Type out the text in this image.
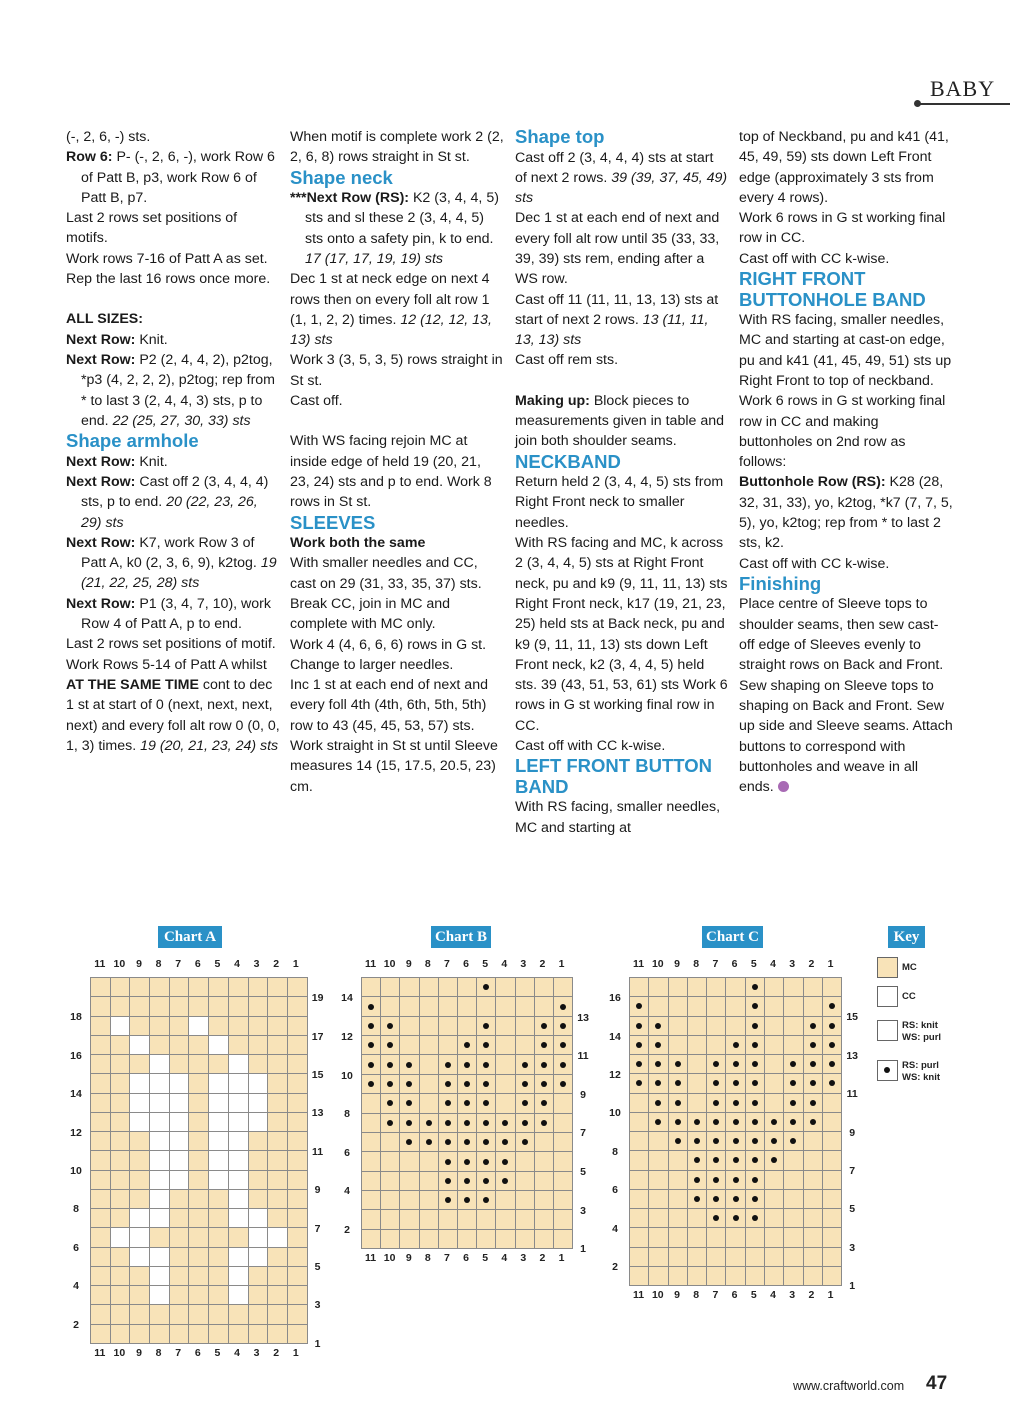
BABY

(-, 2, 6, -) sts.

Row 6: P- (-, 2, 6, -), work Row 6 of Patt B, p3, work Row 6 of Patt B, p7.

Last 2 rows set positions of motifs.

Work rows 7-16 of Patt A as set.

Rep the last 16 rows once more.

ALL SIZES:

Next Row: Knit.

Next Row: P2 (2, 4, 4, 2), p2tog, *p3 (4, 2, 2, 2), p2tog; rep from * to last 3 (2, 4, 4, 3) sts, p to end. 22 (25, 27, 30, 33) sts

Shape armhole

Next Row: Knit.

Next Row: Cast off 2 (3, 4, 4, 4) sts, p to end. 20 (22, 23, 26, 29) sts

Next Row: K7, work Row 3 of Patt A, k0 (2, 3, 6, 9), k2tog. 19 (21, 22, 25, 28) sts

Next Row: P1 (3, 4, 7, 10), work Row 4 of Patt A, p to end.

Last 2 rows set positions of motif.

Work Rows 5-14 of Patt A whilst AT THE SAME TIME cont to dec 1 st at start of 0 (next, next, next, next) and every foll alt row 0 (0, 0, 1, 3) times. 19 (20, 21, 23, 24) sts

When motif is complete work 2 (2, 2, 6, 8) rows straight in St st.

Shape neck

***Next Row (RS): K2 (3, 4, 4, 5) sts and sl these 2 (3, 4, 4, 5) sts onto a safety pin, k to end. 17 (17, 17, 19, 19) sts

Dec 1 st at neck edge on next 4 rows then on every foll alt row 1 (1, 1, 2, 2) times. 12 (12, 12, 13, 13) sts

Work 3 (3, 5, 3, 5) rows straight in St st.

Cast off.

With WS facing rejoin MC at inside edge of held 19 (20, 21, 23, 24) sts and p to end. Work 8 rows in St st.

SLEEVES

Work both the same

With smaller needles and CC, cast on 29 (31, 33, 35, 37) sts.

Break CC, join in MC and complete with MC only.

Work 4 (4, 6, 6, 6) rows in G st.

Change to larger needles.

Inc 1 st at each end of next and every foll 4th (4th, 6th, 5th, 5th) row to 43 (45, 45, 53, 57) sts.

Work straight in St st until Sleeve measures 14 (15, 17.5, 20.5, 23) cm.

Shape top

Cast off 2 (3, 4, 4, 4) sts at start of next 2 rows. 39 (39, 37, 45, 49) sts

Dec 1 st at each end of next and every foll alt row until 35 (33, 33, 39, 39) sts rem, ending after a WS row.

Cast off 11 (11, 11, 13, 13) sts at start of next 2 rows. 13 (11, 11, 13, 13) sts

Cast off rem sts.

Making up: Block pieces to measurements given in table and join both shoulder seams.

NECKBAND

Return held 2 (3, 4, 4, 5) sts from Right Front neck to smaller needles.

With RS facing and MC, k across 2 (3, 4, 4, 5) sts at Right Front neck, pu and k9 (9, 11, 11, 13) sts Right Front neck, k17 (19, 21, 23, 25) held sts at Back neck, pu and k9 (9, 11, 11, 13) sts down Left Front neck, k2 (3, 4, 4, 5) held sts. 39 (43, 51, 53, 61) sts Work 6 rows in G st working final row in CC.

Cast off with CC k-wise.

LEFT FRONT BUTTON BAND

With RS facing, smaller needles, MC and starting at

top of Neckband, pu and k41 (41, 45, 49, 59) sts down Left Front edge (approximately 3 sts from every 4 rows).

Work 6 rows in G st working final row in CC.

Cast off with CC k-wise.

RIGHT FRONT BUTTONHOLE BAND

With RS facing, smaller needles, MC and starting at cast-on edge, pu and k41 (41, 45, 49, 51) sts up Right Front to top of neckband.

Work 6 rows in G st working final row in CC and making buttonholes on 2nd row as follows:

Buttonhole Row (RS): K28 (28, 32, 31, 33), yo, k2tog, *k7 (7, 7, 5, 5), yo, k2tog; rep from * to last 2 sts, k2.

Cast off with CC k-wise.

Finishing

Place centre of Sleeve tops to shoulder seams, then sew cast-off edge of Sleeves evenly to straight rows on Back and Front. Sew shaping on Sleeve tops to shaping on Back and Front. Sew up side and Sleeve seams. Attach buttons to correspond with buttonholes and weave in all ends.

Chart A
11
11
10
10
9
9
8
8
7
7
6
6
5
5
4
4
3
3
2
2
1
1
19
17
15
13
11
9
7
5
3
1
18
16
14
12
10
8
6
4
2
Chart B
11
11
10
10
9
9
8
8
7
7
6
6
5
5
4
4
3
3
2
2
1
1
13
11
9
7
5
3
1
14
12
10
8
6
4
2
Chart C
11
11
10
10
9
9
8
8
7
7
6
6
5
5
4
4
3
3
2
2
1
1
15
13
11
9
7
5
3
1
16
14
12
10
8
6
4
2
Key
MC
CC
RS: knit
WS: purl
RS: purl
WS: knit
www.craftworld.com 47
